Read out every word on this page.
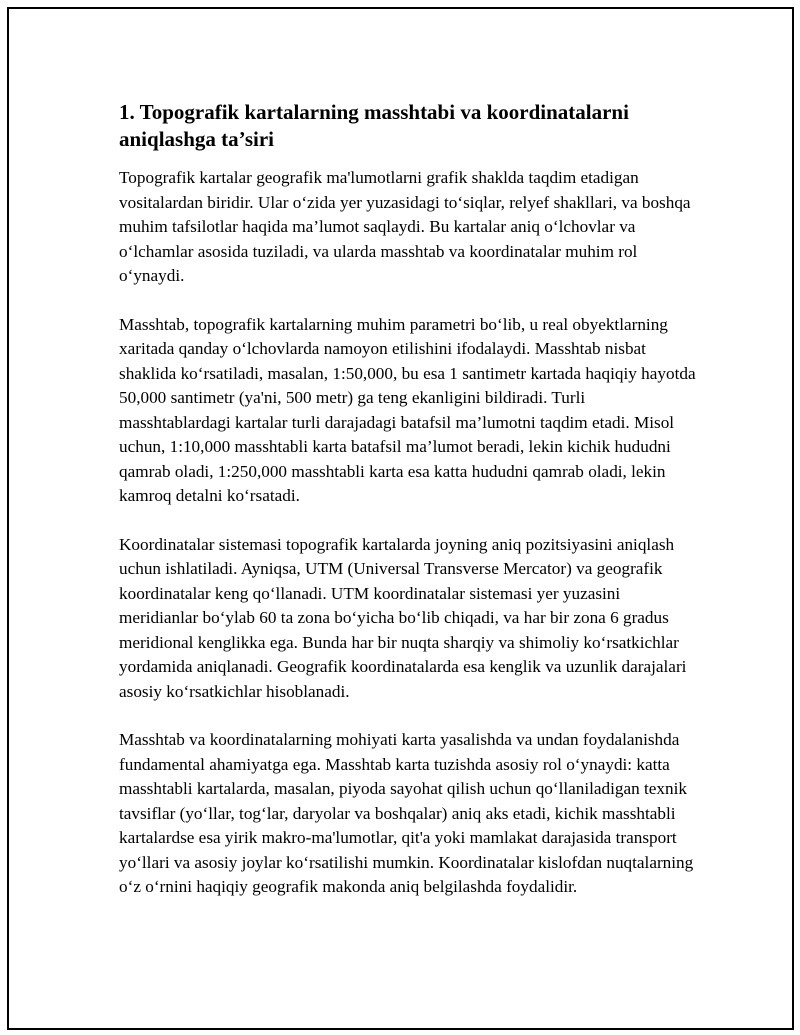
1. Topografik kartalarning masshtabi va koordinatalarni aniqlashga ta’siri

Topografik kartalar geografik ma'lumotlarni grafik shaklda taqdim etadigan vositalardan biridir. Ular o‘zida yer yuzasidagi to‘siqlar, relyef shakllari, va boshqa muhim tafsilotlar haqida ma’lumot saqlaydi. Bu kartalar aniq o‘lchovlar va o‘lchamlar asosida tuziladi, va ularda masshtab va koordinatalar muhim rol o‘ynaydi.

Masshtab, topografik kartalarning muhim parametri bo‘lib, u real obyektlarning xaritada qanday o‘lchovlarda namoyon etilishini ifodalaydi. Masshtab nisbat shaklida ko‘rsatiladi, masalan, 1:50,000, bu esa 1 santimetr kartada haqiqiy hayotda 50,000 santimetr (ya'ni, 500 metr) ga teng ekanligini bildiradi. Turli masshtablardagi kartalar turli darajadagi batafsil ma’lumotni taqdim etadi. Misol uchun, 1:10,000 masshtabli karta batafsil ma’lumot beradi, lekin kichik hududni qamrab oladi, 1:250,000 masshtabli karta esa katta hududni qamrab oladi, lekin kamroq detalni ko‘rsatadi.

Koordinatalar sistemasi topografik kartalarda joyning aniq pozitsiyasini aniqlash uchun ishlatiladi. Ayniqsa, UTM (Universal Transverse Mercator) va geografik koordinatalar keng qo‘llanadi. UTM koordinatalar sistemasi yer yuzasini meridianlar bo‘ylab 60 ta zona bo‘yicha bo‘lib chiqadi, va har bir zona 6 gradus meridional kenglikka ega. Bunda har bir nuqta sharqiy va shimoliy ko‘rsatkichlar yordamida aniqlanadi. Geografik koordinatalarda esa kenglik va uzunlik darajalari asosiy ko‘rsatkichlar hisoblanadi.

Masshtab va koordinatalarning mohiyati karta yasalishda va undan foydalanishda fundamental ahamiyatga ega. Masshtab karta tuzishda asosiy rol o‘ynaydi: katta masshtabli kartalarda, masalan, piyoda sayohat qilish uchun qo‘llaniladigan texnik tavsiflar (yo‘llar, tog‘lar, daryolar va boshqalar) aniq aks etadi, kichik masshtabli kartalardse esa yirik makro-ma'lumotlar, qit'a yoki mamlakat darajasida transport yo‘llari va asosiy joylar ko‘rsatilishi mumkin. Koordinatalar kislofdan nuqtalarning o‘z o‘rnini haqiqiy geografik makonda aniq belgilashda foydalidir.
